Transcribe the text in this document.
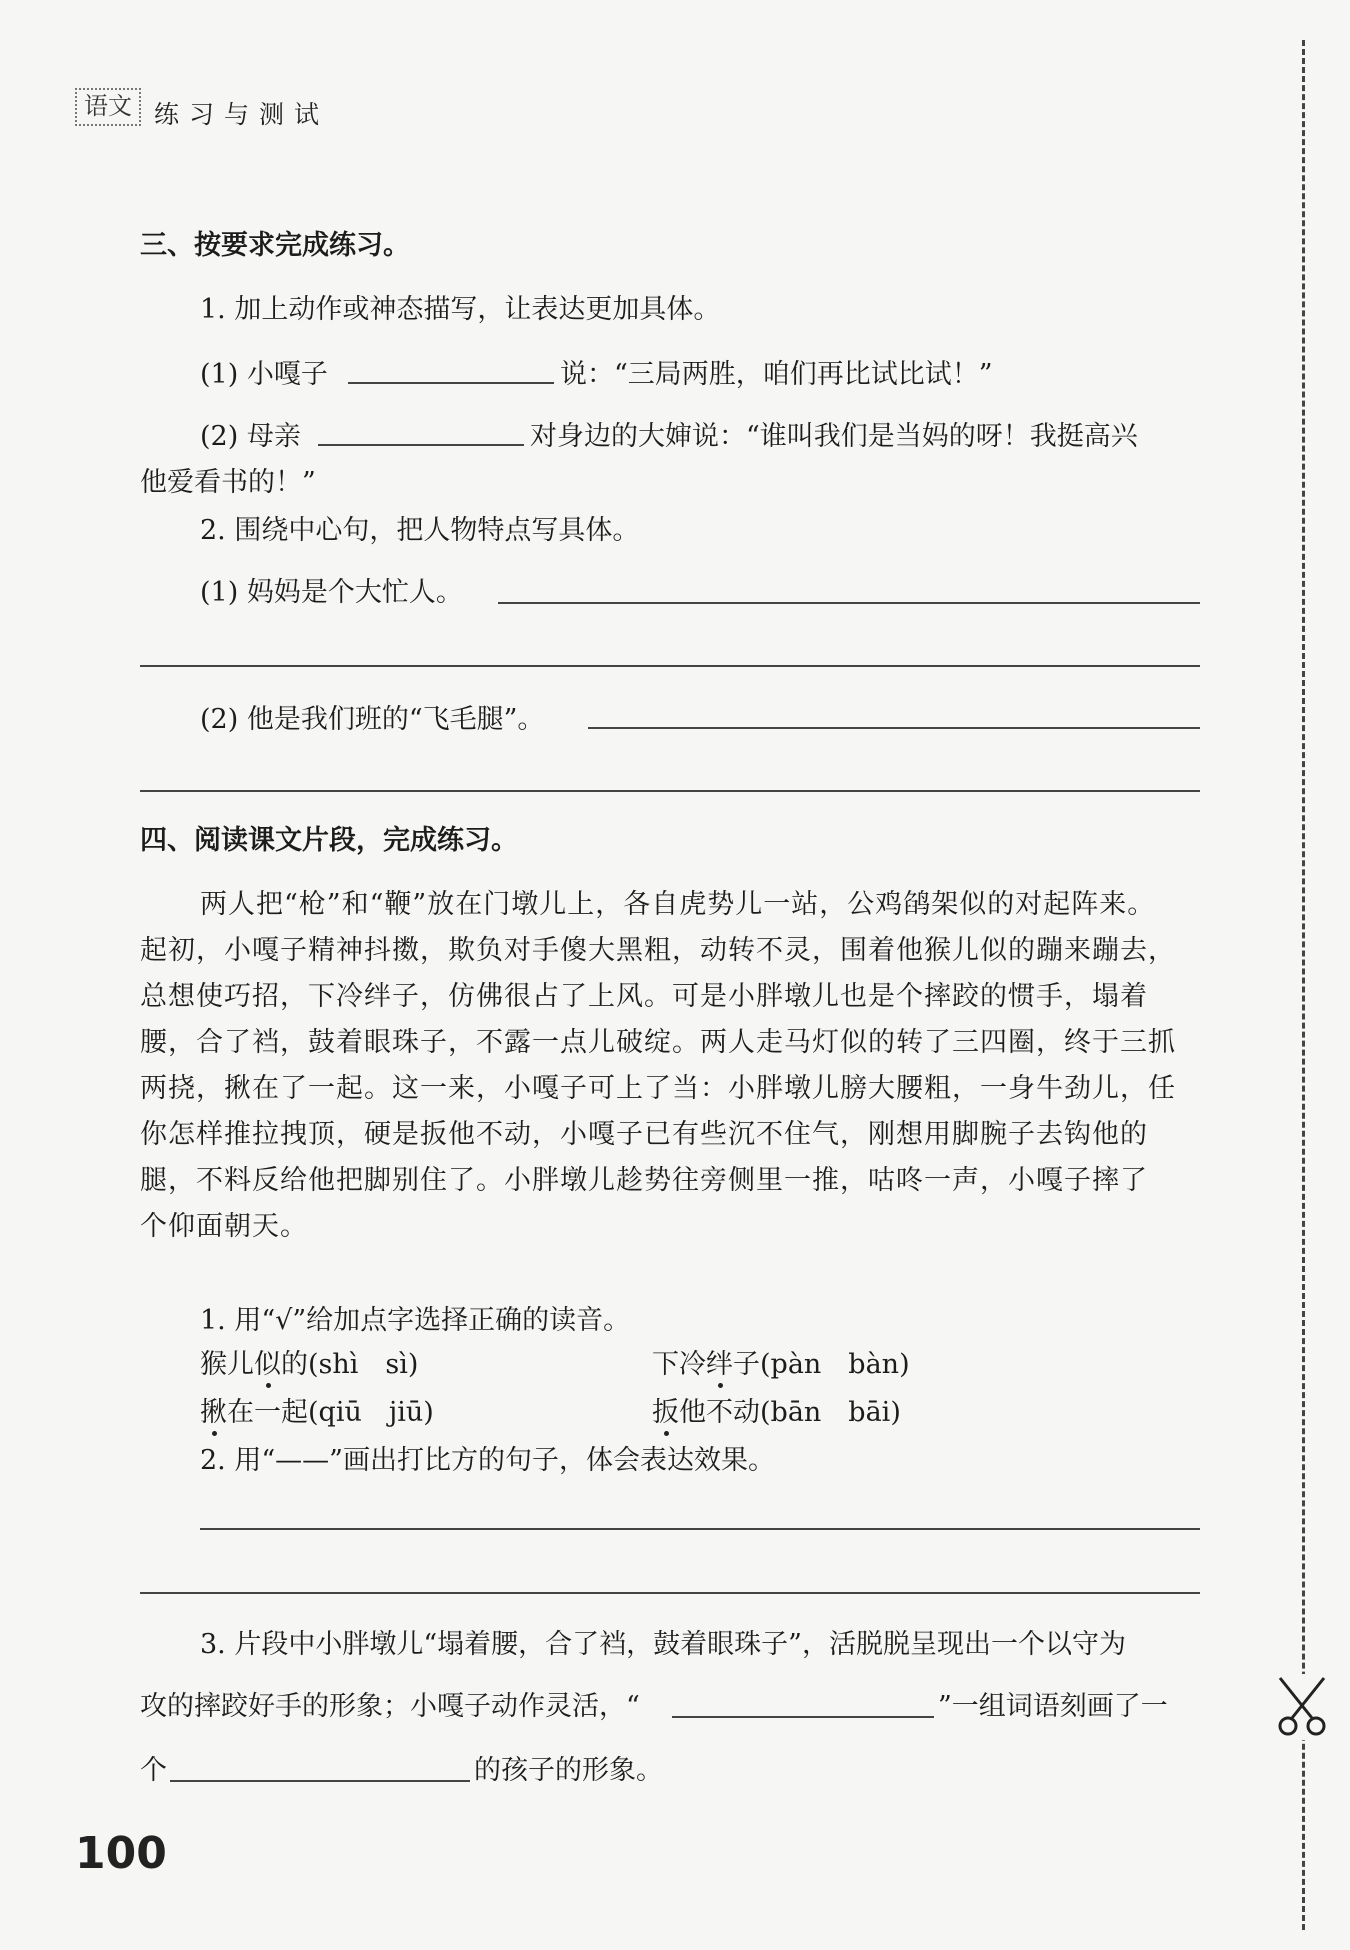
语文 练习与测试
三、按要求完成练习。
1. 加上动作或神态描写，让表达更加具体。
(1) 小嘎子	说：“三局两胜，咱们再比试比试！”
(2) 母亲	对身边的大婶说：“谁叫我们是当妈的呀！我挺高兴
他爱看书的！”
2. 围绕中心句，把人物特点写具体。
(1) 妈妈是个大忙人。
(2) 他是我们班的“飞毛腿”。
四、阅读课文片段，完成练习。

两人把“枪”和“鞭”放在门墩儿上，各自虎势儿一站，公鸡鹐架似的对起阵来。

起初，小嘎子精神抖擞，欺负对手傻大黑粗，动转不灵，围着他猴儿似的蹦来蹦去，

总想使巧招，下冷绊子，仿佛很占了上风。可是小胖墩儿也是个摔跤的惯手，塌着

腰，合了裆，鼓着眼珠子，不露一点儿破绽。两人走马灯似的转了三四圈，终于三抓

两挠，揪在了一起。这一来，小嘎子可上了当：小胖墩儿膀大腰粗，一身牛劲儿，任

你怎样推拉拽顶，硬是扳他不动，小嘎子已有些沉不住气，刚想用脚腕子去钩他的

腿，不料反给他把脚别住了。小胖墩儿趁势往旁侧里一推，咕咚一声，小嘎子摔了

个仰面朝天。

1. 用“√”给加点字选择正确的读音。
猴儿似的(shì　sì)	下冷绊子(pàn　bàn)
揪在一起(qiū　jiū)	扳他不动(bān　bāi)
2. 用“——”画出打比方的句子，体会表达效果。
3. 片段中小胖墩儿“塌着腰，合了裆，鼓着眼珠子”，活脱脱呈现出一个以守为
攻的摔跤好手的形象；小嘎子动作灵活，“	”一组词语刻画了一
个	的孩子的形象。
100
